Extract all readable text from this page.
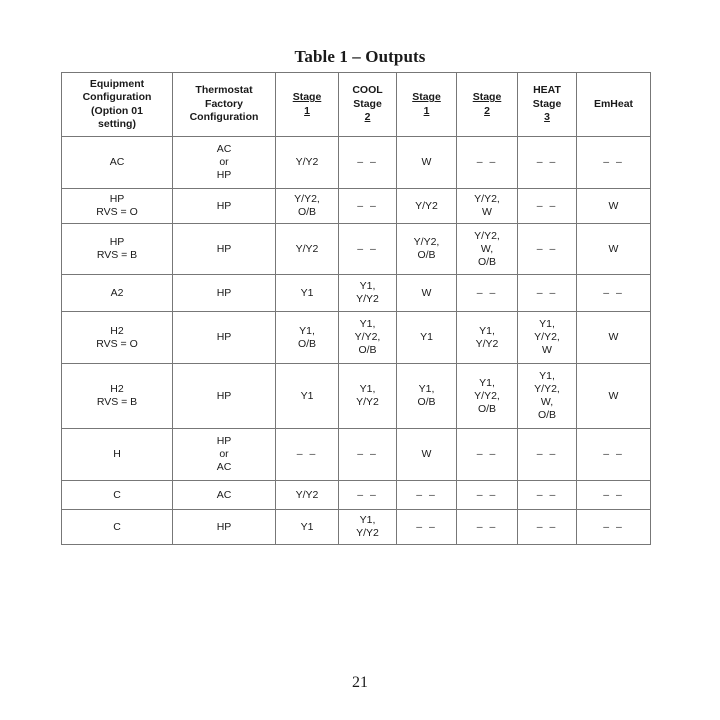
Table 1 – Outputs
Equipment
Configuration
(Option 01
setting)	Thermostat
Factory
Configuration	Stage
1	COOL
Stage
2	Stage
1	Stage
2	HEAT
Stage
3	EmHeat

AC	AC
or
HP	Y/Y2	– –	W	– –	– –	– –

HP
RVS = O	HP	Y/Y2,
O/B	– –	Y/Y2	Y/Y2,
W	– –	W

HP
RVS = B	HP	Y/Y2	– –	Y/Y2,
O/B	Y/Y2,
W,
O/B	– –	W

A2	HP	Y1	Y1,
Y/Y2	W	– –	– –	– –

H2
RVS = O	HP	Y1,
O/B	Y1,
Y/Y2,
O/B	Y1	Y1,
Y/Y2	Y1,
Y/Y2,
W	W

H2
RVS = B	HP	Y1	Y1,
Y/Y2	Y1,
O/B	Y1,
Y/Y2,
O/B	Y1,
Y/Y2,
W,
O/B	W

H	HP
or
AC	– –	– –	W	– –	– –	– –

C	AC	Y/Y2	– –	– –	– –	– –	– –

C	HP	Y1	Y1,
Y/Y2	– –	– –	– –	– –
21
